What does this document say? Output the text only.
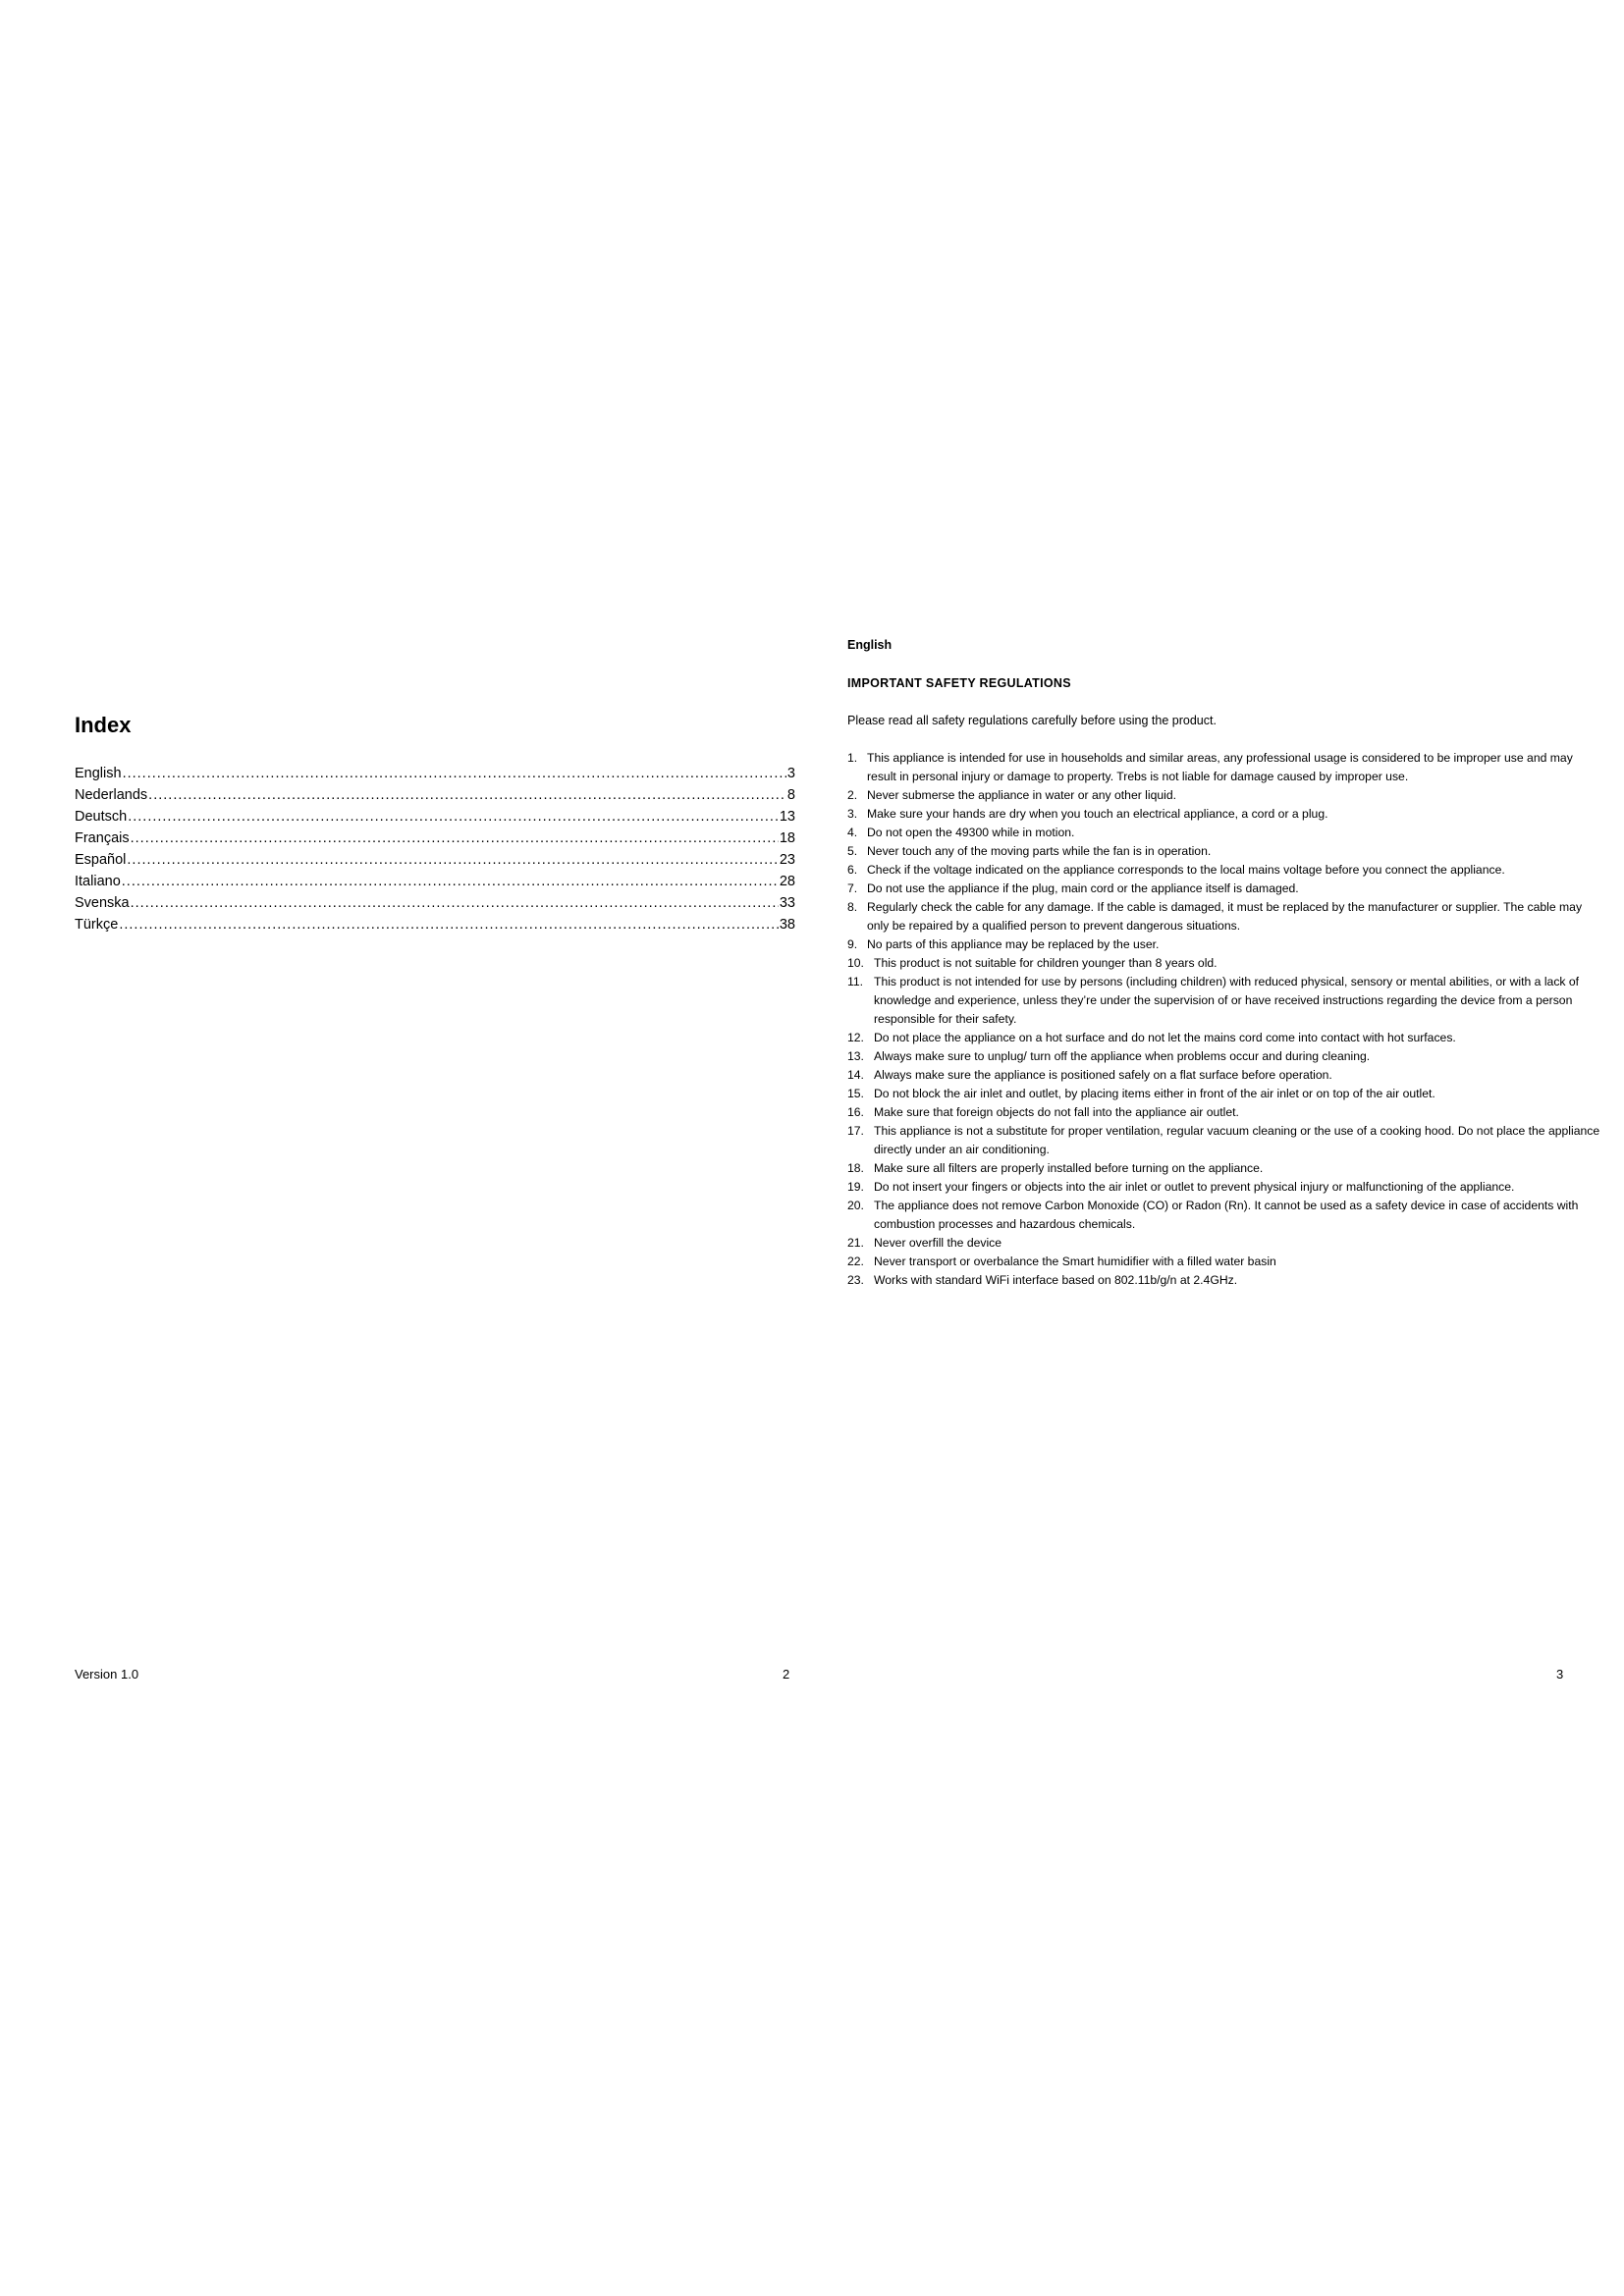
Index
English .....	3
Nederlands .....	8
Deutsch .....	13
Français .....	18
Español .....	23
Italiano .....	28
Svenska .....	33
Türkçe .....	38
Version 1.0	2
English
IMPORTANT SAFETY REGULATIONS

Please read all safety regulations carefully before using the product.

1. This appliance is intended for use in households and similar areas, any professional usage is considered to be improper use and may result in personal injury or damage to property. Trebs is not liable for damage caused by improper use.
2. Never submerse the appliance in water or any other liquid.
3. Make sure your hands are dry when you touch an electrical appliance, a cord or a plug.
4. Do not open the 49300 while in motion.
5. Never touch any of the moving parts while the fan is in operation.
6. Check if the voltage indicated on the appliance corresponds to the local mains voltage before you connect the appliance.
7. Do not use the appliance if the plug, main cord or the appliance itself is damaged.
8. Regularly check the cable for any damage. If the cable is damaged, it must be replaced by the manufacturer or supplier. The cable may only be repaired by a qualified person to prevent dangerous situations.
9. No parts of this appliance may be replaced by the user.
10. This product is not suitable for children younger than 8 years old.
11. This product is not intended for use by persons (including children) with reduced physical, sensory or mental abilities, or with a lack of knowledge and experience, unless they’re under the supervision of or have received instructions regarding the device from a person responsible for their safety.
12. Do not place the appliance on a hot surface and do not let the mains cord come into contact with hot surfaces.
13. Always make sure to unplug/ turn off the appliance when problems occur and during cleaning.
14. Always make sure the appliance is positioned safely on a flat surface before operation.
15. Do not block the air inlet and outlet, by placing items either in front of the air inlet or on top of the air outlet.
16. Make sure that foreign objects do not fall into the appliance air outlet.
17. This appliance is not a substitute for proper ventilation, regular vacuum cleaning or the use of a cooking hood. Do not place the appliance directly under an air conditioning.
18. Make sure all filters are properly installed before turning on the appliance.
19. Do not insert your fingers or objects into the air inlet or outlet to prevent physical injury or malfunctioning of the appliance.
20. The appliance does not remove Carbon Monoxide (CO) or Radon (Rn). It cannot be used as a safety device in case of accidents with combustion processes and hazardous chemicals.
21. Never overfill the device
22. Never transport or overbalance the Smart humidifier with a filled water basin
23. Works with standard WiFi interface based on 802.11b/g/n at 2.4GHz.
3
